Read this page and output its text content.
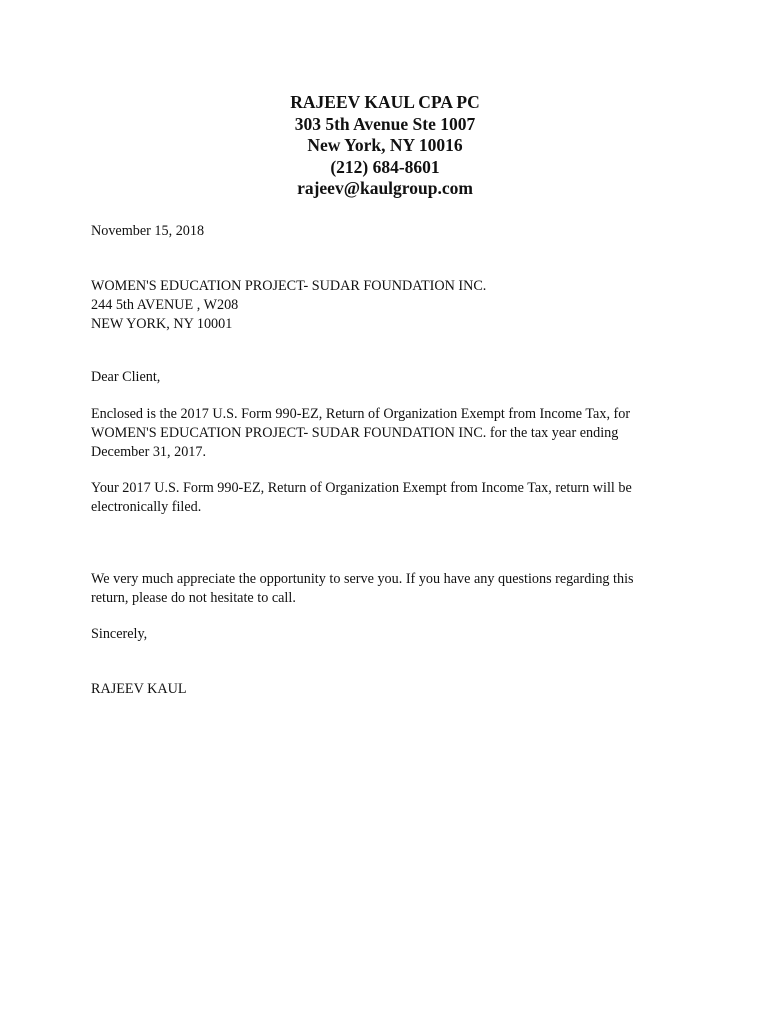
RAJEEV KAUL CPA PC
303 5th Avenue Ste 1007
New York, NY 10016
(212) 684-8601
rajeev@kaulgroup.com
November 15, 2018
WOMEN'S EDUCATION PROJECT- SUDAR FOUNDATION INC.
244 5th AVENUE , W208
NEW YORK, NY 10001
Dear Client,
Enclosed is the 2017 U.S. Form 990-EZ, Return of Organization Exempt from Income Tax, for
WOMEN'S EDUCATION PROJECT- SUDAR FOUNDATION INC. for the tax year ending
December 31, 2017.
Your 2017 U.S. Form 990-EZ, Return of Organization Exempt from Income Tax, return will be
electronically filed.
We very much appreciate the opportunity to serve you. If you have any questions regarding this
return, please do not hesitate to call.
Sincerely,
RAJEEV KAUL
